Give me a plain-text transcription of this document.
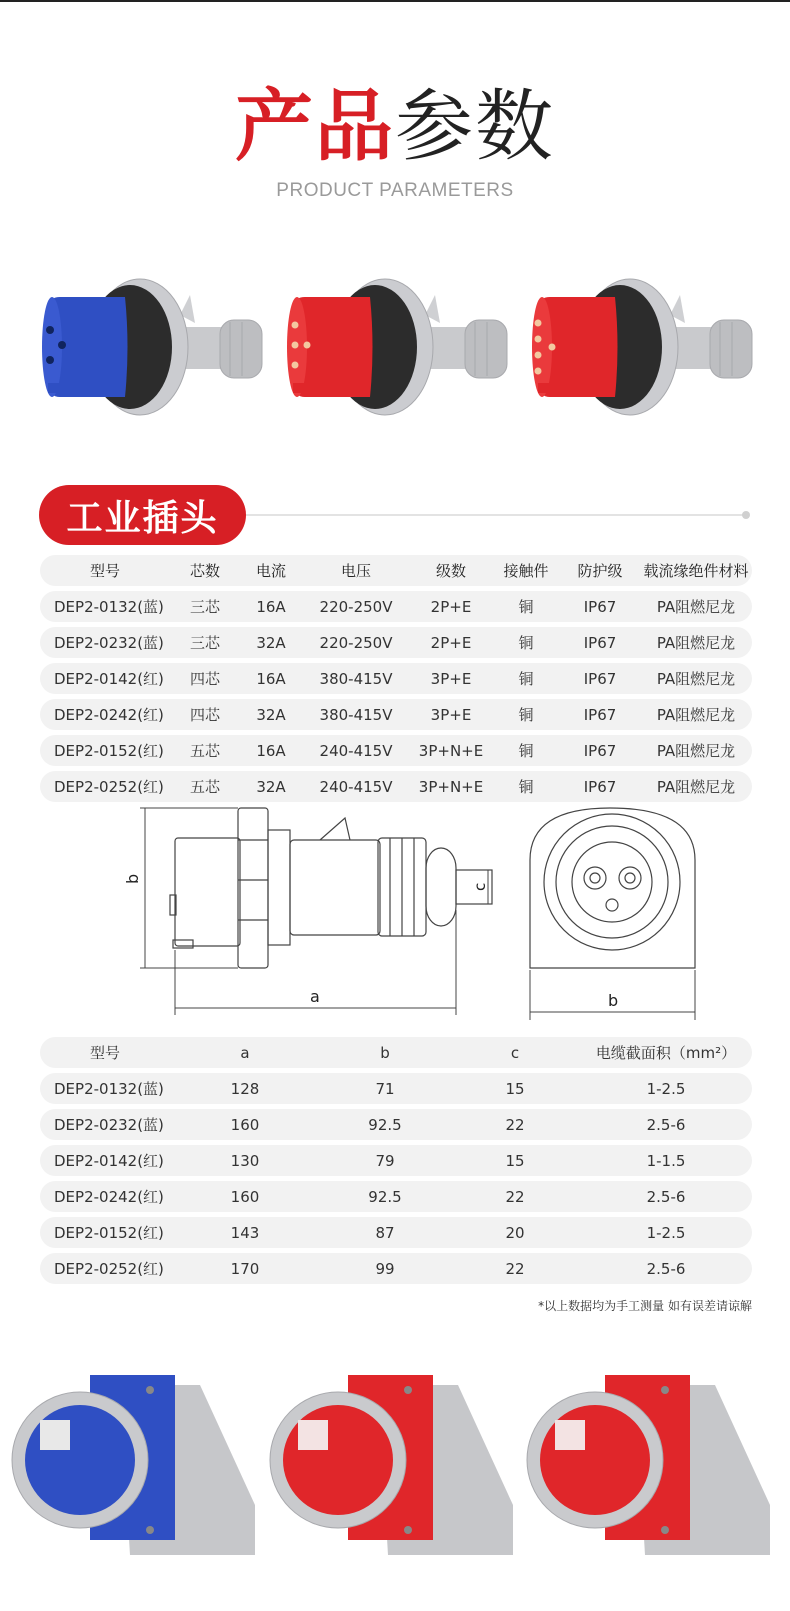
产品参数
PRODUCT PARAMETERS
工业插头
型号	芯数	电流	电压	级数	接触件	防护级	载流缘绝件材料
DEP2-0132(蓝)	三芯	16A	220-250V	2P+E	铜	IP67	PA阻燃尼龙
DEP2-0232(蓝)	三芯	32A	220-250V	2P+E	铜	IP67	PA阻燃尼龙
DEP2-0142(红)	四芯	16A	380-415V	3P+E	铜	IP67	PA阻燃尼龙
DEP2-0242(红)	四芯	32A	380-415V	3P+E	铜	IP67	PA阻燃尼龙
DEP2-0152(红)	五芯	16A	240-415V	3P+N+E	铜	IP67	PA阻燃尼龙
DEP2-0252(红)	五芯	32A	240-415V	3P+N+E	铜	IP67	PA阻燃尼龙
b
a
c
b
型号	a	b	c	电缆截面积（mm²）
DEP2-0132(蓝)	128	71	15	1-2.5
DEP2-0232(蓝)	160	92.5	22	2.5-6
DEP2-0142(红)	130	79	15	1-1.5
DEP2-0242(红)	160	92.5	22	2.5-6
DEP2-0152(红)	143	87	20	1-2.5
DEP2-0252(红)	170	99	22	2.5-6
*以上数据均为手工测量 如有误差请谅解
